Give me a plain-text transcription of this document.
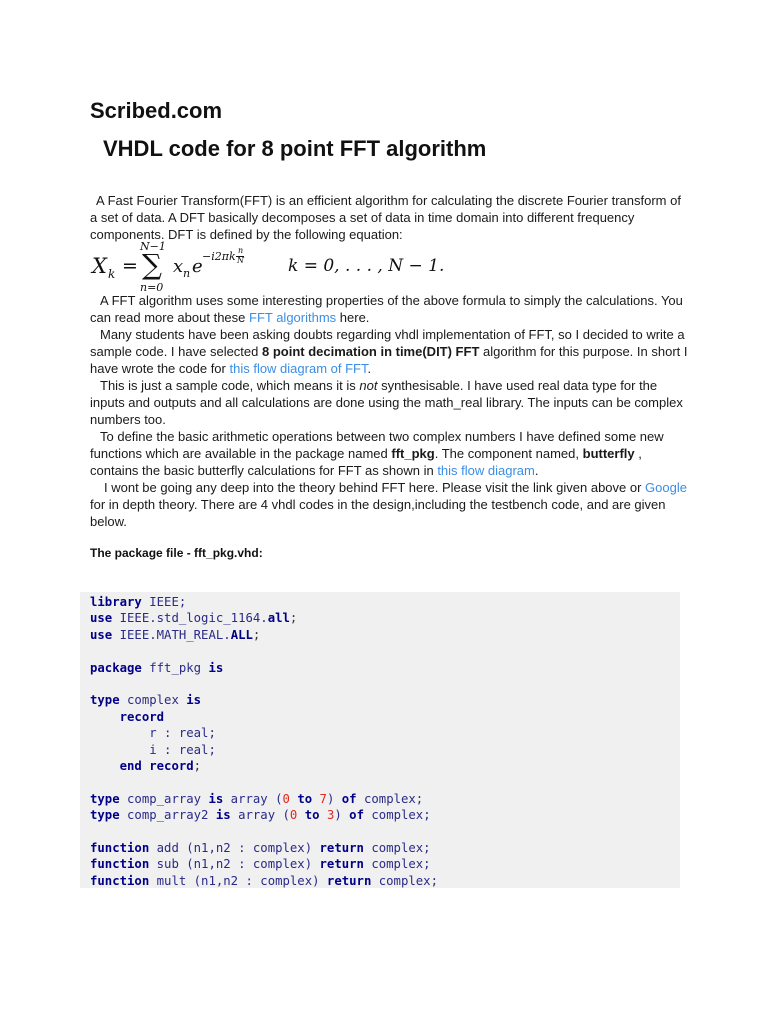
Scribed.com
VHDL code for 8 point FFT algorithm

A Fast Fourier Transform(FFT) is an efficient algorithm for calculating the discrete Fourier transform of a set of data. A DFT basically decomposes a set of data in time domain into different frequency components. DFT is defined by the following equation:

X k =
N−1
∑
n=0
x n e −i2πk n
N	k = 0, . . . , N − 1.

A FFT algorithm uses some interesting properties of the above formula to simply the calculations. You can read more about these FFT algorithms here.

Many students have been asking doubts regarding vhdl implementation of FFT, so I decided to write a sample code. I have selected 8 point decimation in time(DIT) FFT algorithm for this purpose. In short I have wrote the code for this flow diagram of FFT.

This is just a sample code, which means it is not synthesisable. I have used real data type for the inputs and outputs and all calculations are done using the math_real library. The inputs can be complex numbers too.

To define the basic arithmetic operations between two complex numbers I have defined some new functions which are available in the package named fft_pkg. The component named, butterfly , contains the basic butterfly calculations for FFT as shown in this flow diagram.

I wont be going any deep into the theory behind FFT here. Please visit the link given above or Google for in depth theory. There are 4 vhdl codes in the design,including the testbench code, and are given below.

The package file - fft_pkg.vhd:

library IEEE;
use IEEE.std_logic_1164.all;
use IEEE.MATH_REAL.ALL;
package fft_pkg is
type complex is
record
r : real;
i : real;
end record;
type comp_array is array (0 to 7) of complex;
type comp_array2 is array (0 to 3) of complex;
function add (n1,n2 : complex) return complex;
function sub (n1,n2 : complex) return complex;
function mult (n1,n2 : complex) return complex;
